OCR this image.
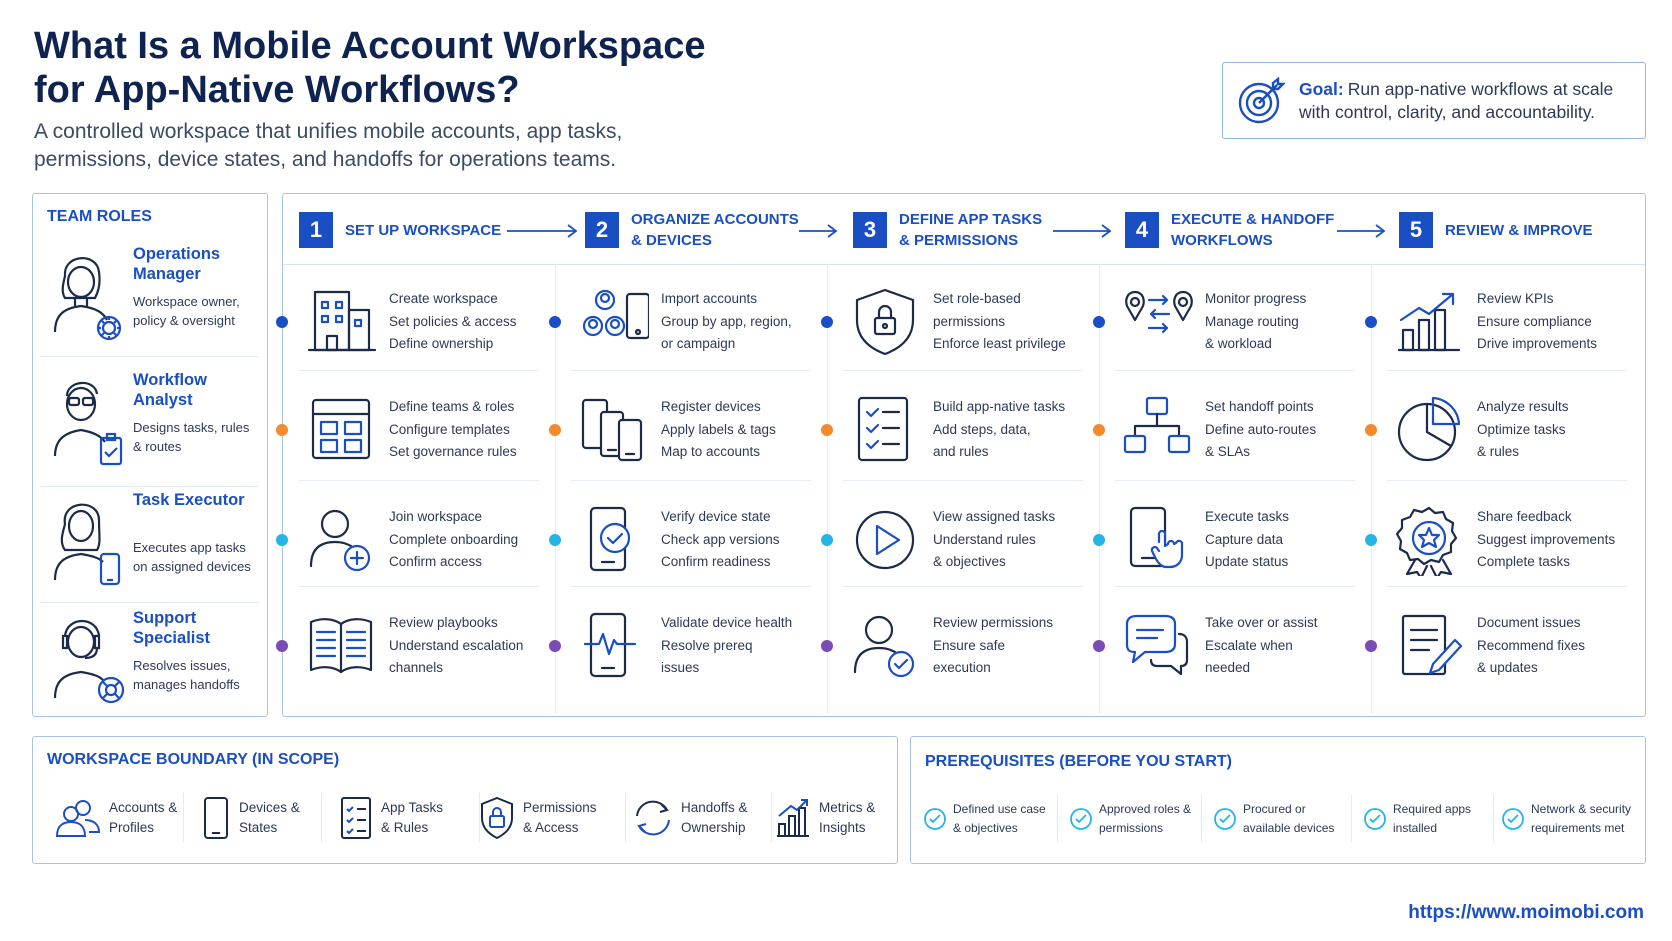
What Is a Mobile Account Workspace for App-Native Workflows?

A controlled workspace that unifies mobile accounts, app tasks, permissions, device states, and handoffs for operations teams.

Goal: Run app-native workflows at scale with control, clarity, and accountability.
TEAM ROLES
Operations Manager
Workspace owner, policy & oversight
Workflow Analyst
Designs tasks, rules & routes
Task Executor
Executes app tasks on assigned devices
Support Specialist
Resolves issues, manages handoffs
1	SET UP WORKSPACE	2	ORGANIZE ACCOUNTS & DEVICES	3	DEFINE APP TASKS & PERMISSIONS	4	EXECUTE & HANDOFF WORKFLOWS	5	REVIEW & IMPROVE
Create workspace
Set policies & access
Define ownership
Define teams & roles
Configure templates
Set governance rules
Join workspace
Complete onboarding
Confirm access
Review playbooks
Understand escalation
channels
Import accounts
Group by app, region,
or campaign
Register devices
Apply labels & tags
Map to accounts
Verify device state
Check app versions
Confirm readiness
Validate device health
Resolve prereq
issues
Set role-based
permissions
Enforce least privilege
Build app-native tasks
Add steps, data,
and rules
View assigned tasks
Understand rules
& objectives
Review permissions
Ensure safe
execution
Monitor progress
Manage routing
& workload
Set handoff points
Define auto-routes
& SLAs
Execute tasks
Capture data
Update status
Take over or assist
Escalate when
needed
Review KPIs
Ensure compliance
Drive improvements
Analyze results
Optimize tasks
& rules
Share feedback
Suggest improvements
Complete tasks
Document issues
Recommend fixes
& updates
WORKSPACE BOUNDARY (IN SCOPE)
Accounts & Profiles
Devices & States
App Tasks & Rules
Permissions & Access
Handoffs & Ownership
Metrics & Insights
PREREQUISITES (BEFORE YOU START)
Defined use case & objectives
Approved roles & permissions
Procured or available devices
Required apps installed
Network & security requirements met
https://www.moimobi.com
